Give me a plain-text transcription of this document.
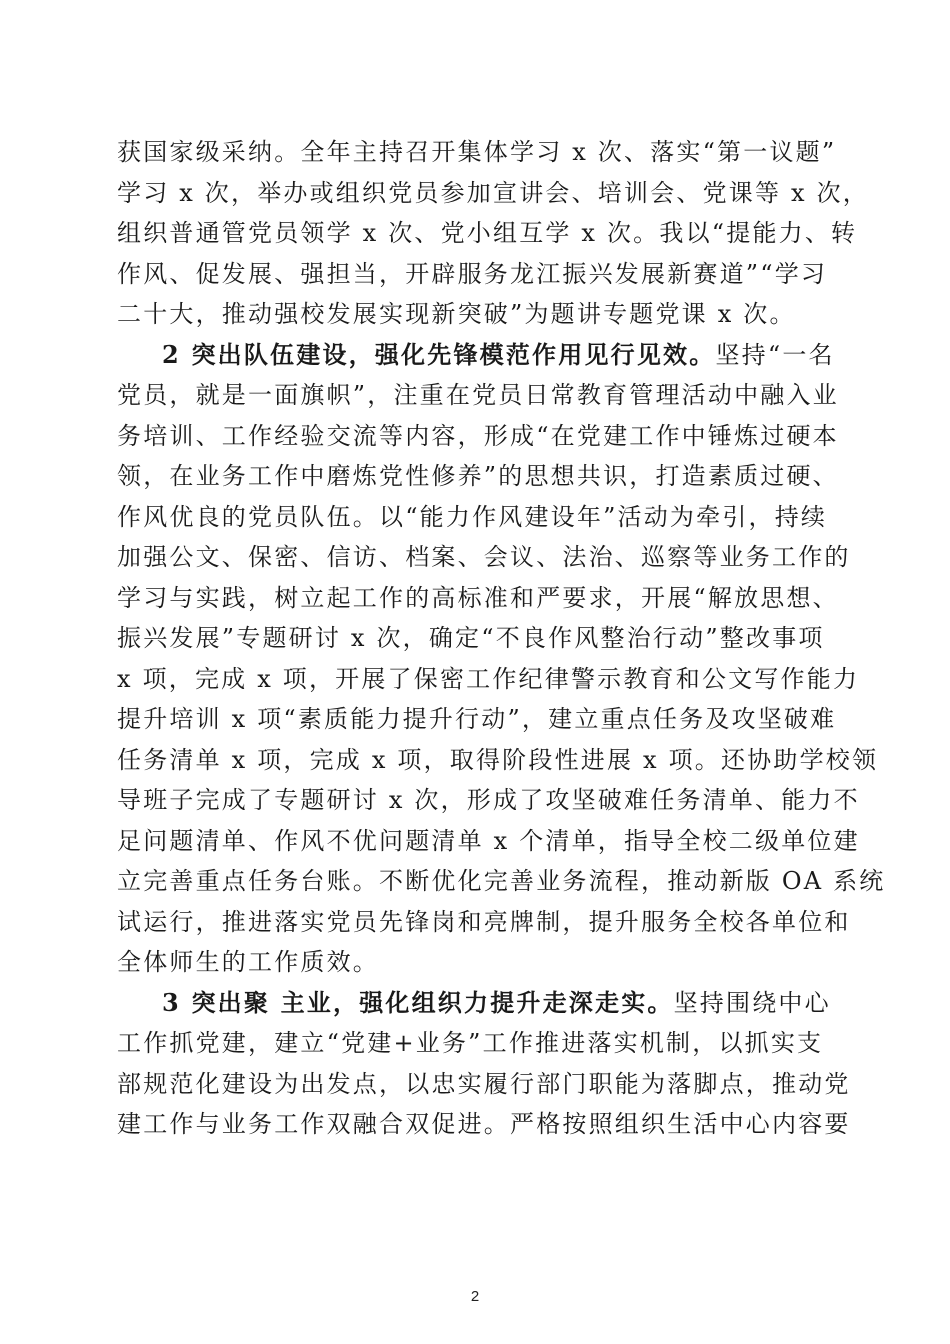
获国家级采纳。全年主持召开集体学习 x 次、落实“第一议题”
学习 x 次，举办或组织党员参加宣讲会、培训会、党课等 x 次，
组织普通管党员领学 x 次、党小组互学 x 次。我以“提能力、转
作风、促发展、强担当，开辟服务龙江振兴发展新赛道”“学习
二十大，推动强校发展实现新突破”为题讲专题党课 x 次。
2 突出队伍建设，强化先锋模范作用见行见效。坚持“一名
党员，就是一面旗帜”，注重在党员日常教育管理活动中融入业
务培训、工作经验交流等内容，形成“在党建工作中锤炼过硬本
领，在业务工作中磨炼党性修养”的思想共识，打造素质过硬、
作风优良的党员队伍。以“能力作风建设年”活动为牵引，持续
加强公文、保密、信访、档案、会议、法治、巡察等业务工作的
学习与实践，树立起工作的高标准和严要求，开展“解放思想、
振兴发展”专题研讨 x 次，确定“不良作风整治行动”整改事项
x 项，完成 x 项，开展了保密工作纪律警示教育和公文写作能力
提升培训 x 项“素质能力提升行动”，建立重点任务及攻坚破难
任务清单 x 项，完成 x 项，取得阶段性进展 x 项。还协助学校领
导班子完成了专题研讨 x 次，形成了攻坚破难任务清单、能力不
足问题清单、作风不优问题清单 x 个清单，指导全校二级单位建
立完善重点任务台账。不断优化完善业务流程，推动新版 OA 系统
试运行，推进落实党员先锋岗和亮牌制，提升服务全校各单位和
全体师生的工作质效。
3 突出聚 主业，强化组织力提升走深走实。坚持围绕中心
工作抓党建，建立“党建+业务”工作推进落实机制，以抓实支
部规范化建设为出发点，以忠实履行部门职能为落脚点，推动党
建工作与业务工作双融合双促进。严格按照组织生活中心内容要
2
